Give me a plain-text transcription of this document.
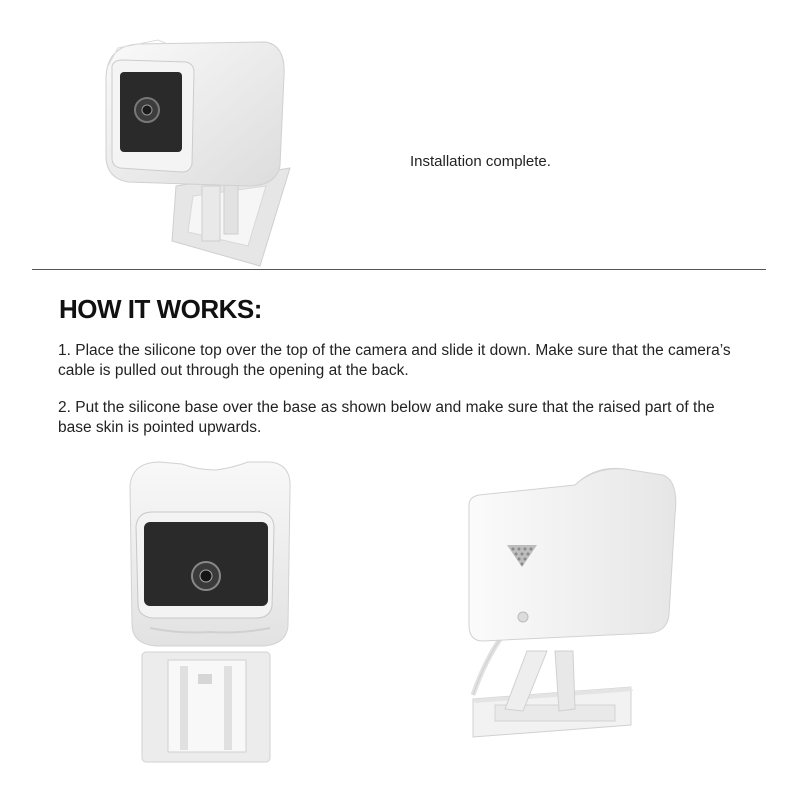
Installation complete.
HOW IT WORKS:

1. Place the silicone top over the top of the camera and slide it down. Make sure that the camera’s cable is pulled out through the opening at the back.

2. Put the silicone base over the base as shown below and make sure that the raised part of the base skin is pointed upwards.
